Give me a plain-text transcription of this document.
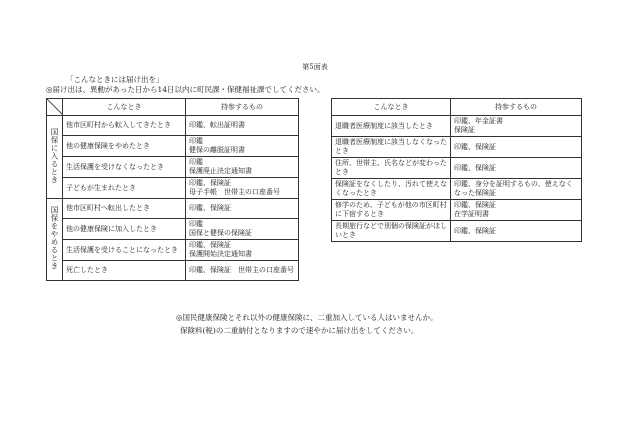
第5面表
「こんなときには届け出を」
◎届け出は、異動があった日から14日以内に町民課・保健福祉課でしてください。
	こんなとき	持参するもの
国保に入るとき	他市区町村から転入してきたとき	印鑑、転出証明書
	他の健康保険をやめたとき	印鑑
健保の離脱証明書
	生活保護を受けなくなったとき	印鑑
保護廃止決定通知書
	子どもが生まれたとき	印鑑、保険証
母子手帳　世帯主の口座番号
国保をやめるとき	他市区町村へ転出したとき	印鑑、保険証
	他の健康保険に加入したとき	印鑑
国保と健保の保険証
	生活保護を受けることになったとき	印鑑、保険証
保護開始決定通知書
	死亡したとき	印鑑、保険証　世帯主の口座番号
こんなとき	持参するもの
退職者医療制度に該当したとき	印鑑、年金証書
保険証
退職者医療制度に該当しなくなったとき	印鑑、保険証
住所、世帯主、氏名などが変わったとき	印鑑、保険証
保険証をなくしたり、汚れて使えなくなったとき	印鑑、身分を証明するもの、使えなくなった保険証
修学のため、子どもが他の市区町村に下宿するとき	印鑑、保険証
在学証明書
長期旅行などで別個の保険証がほしいとき	印鑑、保険証
◎国民健康保険とそれ以外の健康保険に、二重加入している人はいませんか。
保険料(税)の二重納付となりますので速やかに届け出をしてください。
